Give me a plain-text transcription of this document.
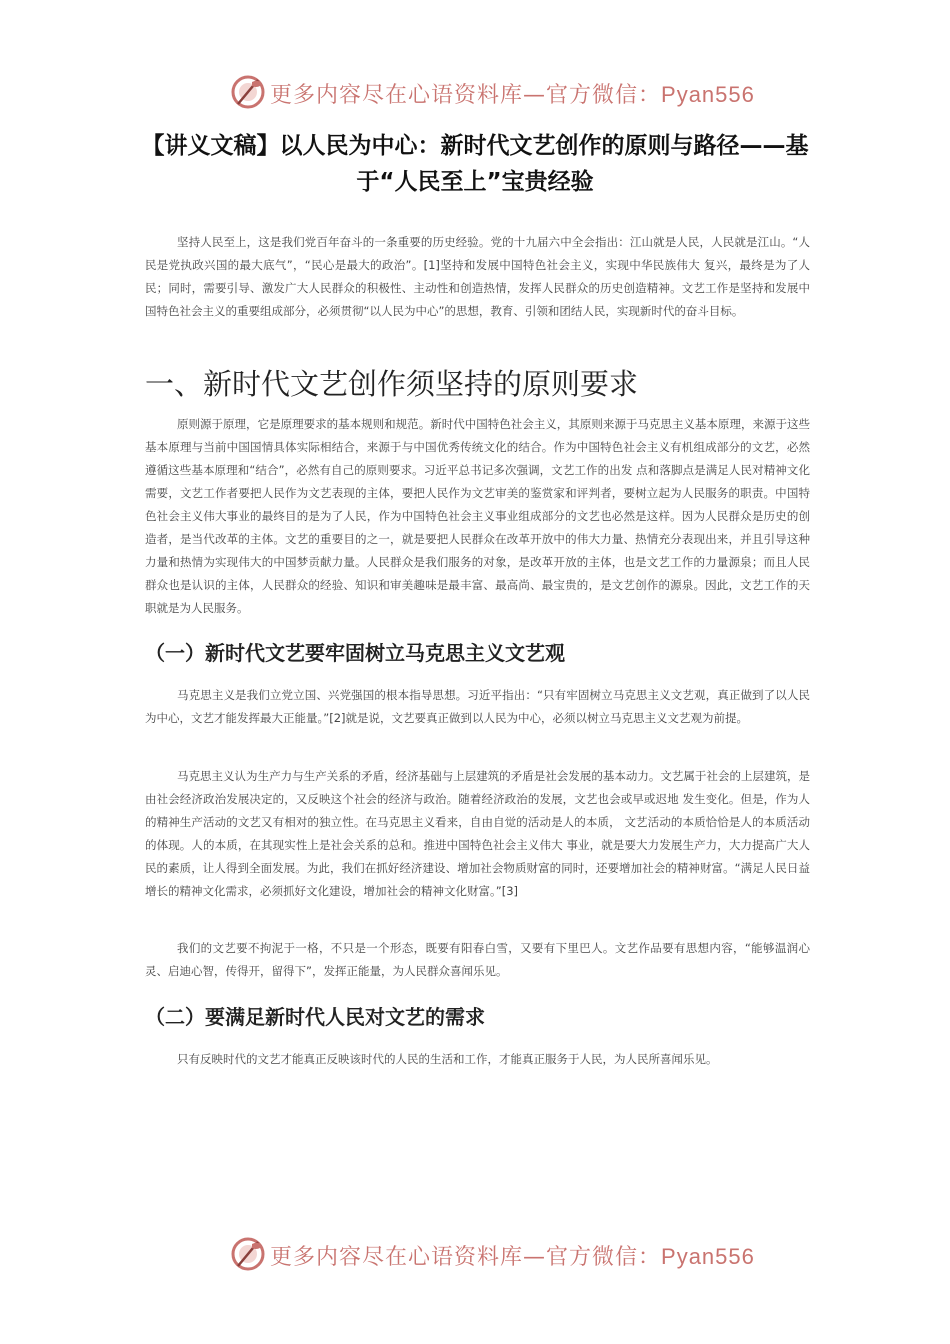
更多内容尽在心语资料库—官方微信：Pyan556
【讲义文稿】以人民为中心：新时代文艺创作的原则与路径——基于“人民至上”宝贵经验
坚持人民至上，这是我们党百年奋斗的一条重要的历史经验。党的十九届六中全会指出：江山就是人民，人民就是江山。“人民是党执政兴国的最大底气”，“民心是最大的政治”。[1]坚持和发展中国特色社会主义，实现中华民族伟大 复兴，最终是为了人民；同时，需要引导、激发广大人民群众的积极性、主动性和创造热情，发挥人民群众的历史创造精神。文艺工作是坚持和发展中国特色社会主义的重要组成部分，必须贯彻“以人民为中心”的思想，教育、引领和团结人民，实现新时代的奋斗目标。
一、新时代文艺创作须坚持的原则要求
原则源于原理，它是原理要求的基本规则和规范。新时代中国特色社会主义，其原则来源于马克思主义基本原理，来源于这些基本原理与当前中国国情具体实际相结合，来源于与中国优秀传统文化的结合。作为中国特色社会主义有机组成部分的文艺，必然遵循这些基本原理和“结合”，必然有自己的原则要求。习近平总书记多次强调，文艺工作的出发 点和落脚点是满足人民对精神文化需要，文艺工作者要把人民作为文艺表现的主体，要把人民作为文艺审美的鉴赏家和评判者，要树立起为人民服务的职责。中国特色社会主义伟大事业的最终目的是为了人民，作为中国特色社会主义事业组成部分的文艺也必然是这样。因为人民群众是历史的创造者，是当代改革的主体。文艺的重要目的之一，就是要把人民群众在改革开放中的伟大力量、热情充分表现出来，并且引导这种力量和热情为实现伟大的中国梦贡献力量。人民群众是我们服务的对象，是改革开放的主体，也是文艺工作的力量源泉；而且人民群众也是认识的主体，人民群众的经验、知识和审美趣味是最丰富、最高尚、最宝贵的，是文艺创作的源泉。因此，文艺工作的天职就是为人民服务。
（一）新时代文艺要牢固树立马克思主义文艺观
马克思主义是我们立党立国、兴党强国的根本指导思想。习近平指出：“只有牢固树立马克思主义文艺观，真正做到了以人民为中心，文艺才能发挥最大正能量。”[2]就是说，文艺要真正做到以人民为中心，必须以树立马克思主义文艺观为前提。
马克思主义认为生产力与生产关系的矛盾，经济基础与上层建筑的矛盾是社会发展的基本动力。文艺属于社会的上层建筑，是由社会经济政治发展决定的，又反映这个社会的经济与政治。随着经济政治的发展，文艺也会或早或迟地 发生变化。但是，作为人的精神生产活动的文艺又有相对的独立性。在马克思主义看来，自由自觉的活动是人的本质， 文艺活动的本质恰恰是人的本质活动的体现。人的本质，在其现实性上是社会关系的总和。推进中国特色社会主义伟大 事业，就是要大力发展生产力，大力提高广大人民的素质，让人得到全面发展。为此，我们在抓好经济建设、增加社会物质财富的同时，还要增加社会的精神财富。“满足人民日益增长的精神文化需求，必须抓好文化建设，增加社会的精神文化财富。”[3]
我们的文艺要不拘泥于一格，不只是一个形态，既要有阳春白雪，又要有下里巴人。文艺作品要有思想内容，“能够温润心灵、启迪心智，传得开，留得下”，发挥正能量，为人民群众喜闻乐见。
（二）要满足新时代人民对文艺的需求
只有反映时代的文艺才能真正反映该时代的人民的生活和工作，才能真正服务于人民，为人民所喜闻乐见。
更多内容尽在心语资料库—官方微信：Pyan556
